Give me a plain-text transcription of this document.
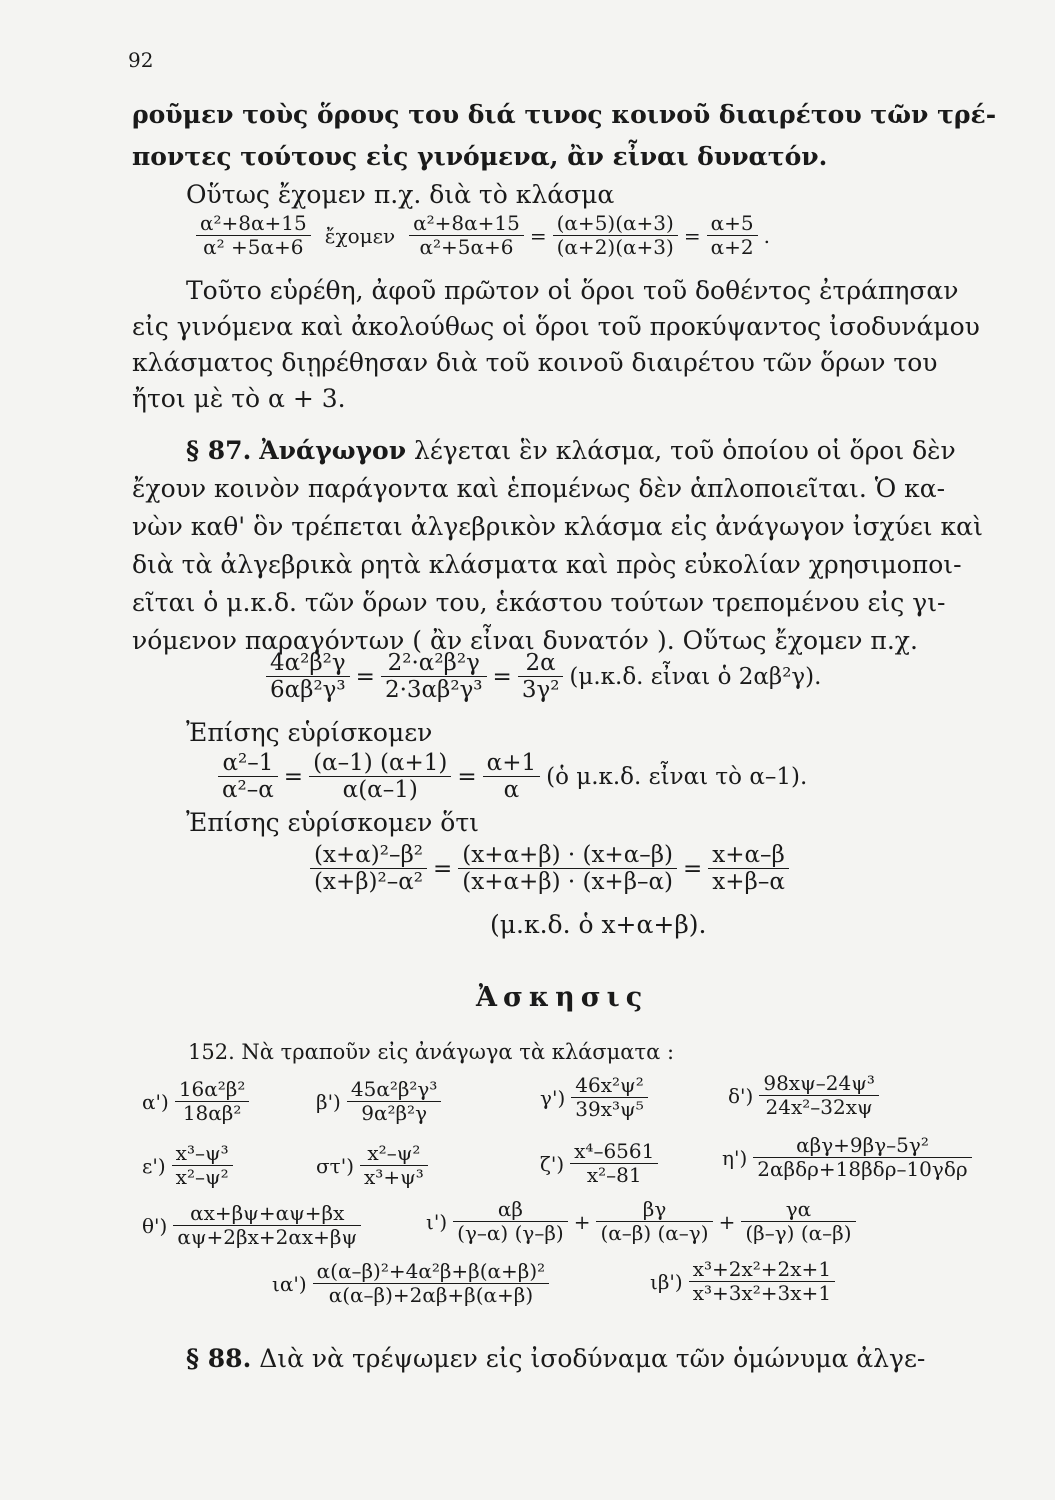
92
ροῦμεν τοὺς ὅρους του διά τινος κοινοῦ διαιρέτου τῶν τρέ-
ποντες τούτους εἰς γινόμενα, ἂν εἶναι δυνατόν.
Οὕτως ἔχομεν π.χ. διὰ τὸ κλάσμα
$\frac{\text{α²+8α+15}}{\text{α² +5α+6}}$ ἔχομεν $\frac{\text{α²+8α+15}}{\text{α²+5α+6}} = \frac{(\alpha+5)(\alpha+3)}{(\alpha+2)(\alpha+3)} = \frac{\alpha+5}{\alpha+2}$ .
Τοῦτο εὑρέθη, ἀφοῦ πρῶτον οἱ ὅροι τοῦ δοθέντος ἐτράπησαν
εἰς γινόμενα καὶ ἀκολούθως οἱ ὅροι τοῦ προκύψαντος ἰσοδυνάμου
κλάσματος διῃρέθησαν διὰ τοῦ κοινοῦ διαιρέτου τῶν ὅρων του
ἤτοι μὲ τὸ α + 3.
§ 87. Ἀνάγωγον λέγεται ἓν κλάσμα, τοῦ ὁποίου οἱ ὅροι δὲν
ἔχουν κοινὸν παράγοντα καὶ ἑπομένως δὲν ἁπλοποιεῖται. Ὁ κα-
νὼν καθ' ὃν τρέπεται ἀλγεβρικὸν κλάσμα εἰς ἀνάγωγον ἰσχύει καὶ
διὰ τὰ ἀλγεβρικὰ ρητὰ κλάσματα καὶ πρὸς εὐκολίαν χρησιμοποι-
εῖται ὁ μ.κ.δ. τῶν ὅρων του, ἑκάστου τούτων τρεπομένου εἰς γι-
νόμενον παραγόντων ( ἂν εἶναι δυνατόν ). Οὕτως ἔχομεν π.χ.
$\frac{\text{4α²β²γ}}{\text{6αβ²γ³}} = \frac{\text{2²·α²β²γ}}{\text{2·3αβ²γ³}} = \frac{2\alpha}{\text{3γ²}} (\mu.\kappa.\delta$. εἶναι ὁ 2αβ²γ).
Ἐπίσης εὑρίσκομεν
$\frac{\text{α²–1}}{\text{α²–α}} = \frac{(\alpha-1) (\alpha+1)}{\alpha(\alpha-1)} = \frac{\alpha+1}{\alpha}$ (ὁ μ.κ.δ. εἶναι τὸ α–1).
Ἐπίσης εὑρίσκομεν ὅτι
$\frac{\text{(x+α)²–β²}}{\text{(x+β)²–α²}} = \frac{(x+\alpha+\beta) \cdot (x+\alpha-\beta)}{(x+\alpha+\beta) \cdot (x+\beta-\alpha)} = \frac{x+\alpha-\beta}{x+\beta-\alpha}$
(μ.κ.δ. ὁ x+α+β).
Ἀσκησις
152. Νὰ τραποῦν εἰς ἀνάγωγα τὰ κλάσματα :
$\alpha') \frac{\text{16α²β²}}{\text{18αβ²}}$	$\beta') \frac{\text{45α²β²γ³}}{\text{9α²β²γ}}$	$\gamma') \frac{\text{46x²ψ²}}{\text{39x³ψ⁵}}$	$\delta') \frac{\text{98xψ–24ψ³}}{\text{24x²–32xψ}}$
$\varepsilon') \frac{\text{x³–ψ³}}{\text{x²–ψ²}}$	$\sigma\tau') \frac{\text{x²–ψ²}}{\text{x³+ψ³}}$	$\zeta') \frac{\text{x⁴–6561}}{\text{x²–81}}$	$\eta') \frac{\text{αβγ+9βγ–5γ²}}{\text{2αβδρ+18βδρ–10γδρ}}$
$\theta') \frac{\alpha x+\beta\psi+\alpha\psi+\beta x}{\alpha\psi+2\beta x+2\alpha x+\beta\psi}$	$\iota') \frac{\alpha\beta}{(\gamma-\alpha) (\gamma-\beta)} + \frac{\beta\gamma}{(\alpha-\beta) (\alpha-\gamma)} + \frac{\gamma\alpha}{(\beta-\gamma) (\alpha-\beta)}$
$\iota\alpha') \frac{\text{α(α–β)²+4α²β+β(α+β)²}}{\alpha(\alpha-\beta)+2\alpha\beta+\beta(\alpha+\beta)}$	$\iota\beta') \frac{\text{x³+2x²+2x+1}}{\text{x³+3x²+3x+1}}$
§ 88. Διὰ νὰ τρέψωμεν εἰς ἰσοδύναμα τῶν ὁμώνυμα ἀλγε-
